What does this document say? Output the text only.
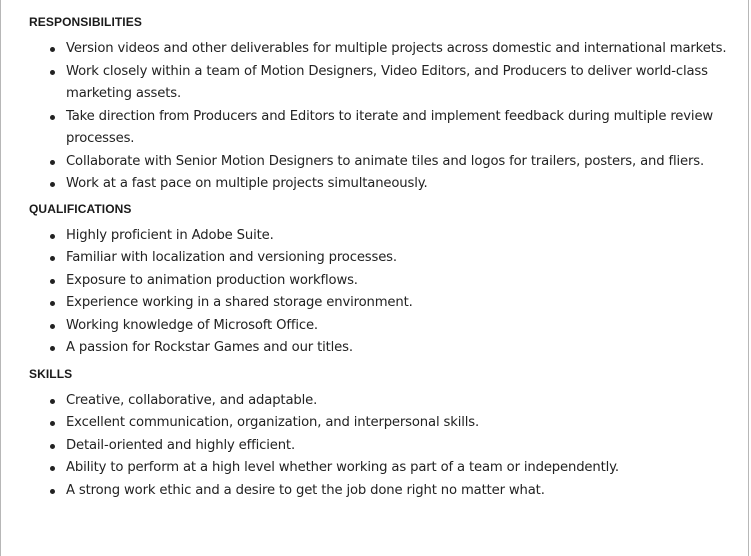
RESPONSIBILITIES
Version videos and other deliverables for multiple projects across domestic and international markets.
Work closely within a team of Motion Designers, Video Editors, and Producers to deliver world-class marketing assets.
Take direction from Producers and Editors to iterate and implement feedback during multiple review processes.
Collaborate with Senior Motion Designers to animate tiles and logos for trailers, posters, and fliers.
Work at a fast pace on multiple projects simultaneously.
QUALIFICATIONS
Highly proficient in Adobe Suite.
Familiar with localization and versioning processes.
Exposure to animation production workflows.
Experience working in a shared storage environment.
Working knowledge of Microsoft Office.
A passion for Rockstar Games and our titles.
SKILLS
Creative, collaborative, and adaptable.
Excellent communication, organization, and interpersonal skills.
Detail-oriented and highly efficient.
Ability to perform at a high level whether working as part of a team or independently.
A strong work ethic and a desire to get the job done right no matter what.
